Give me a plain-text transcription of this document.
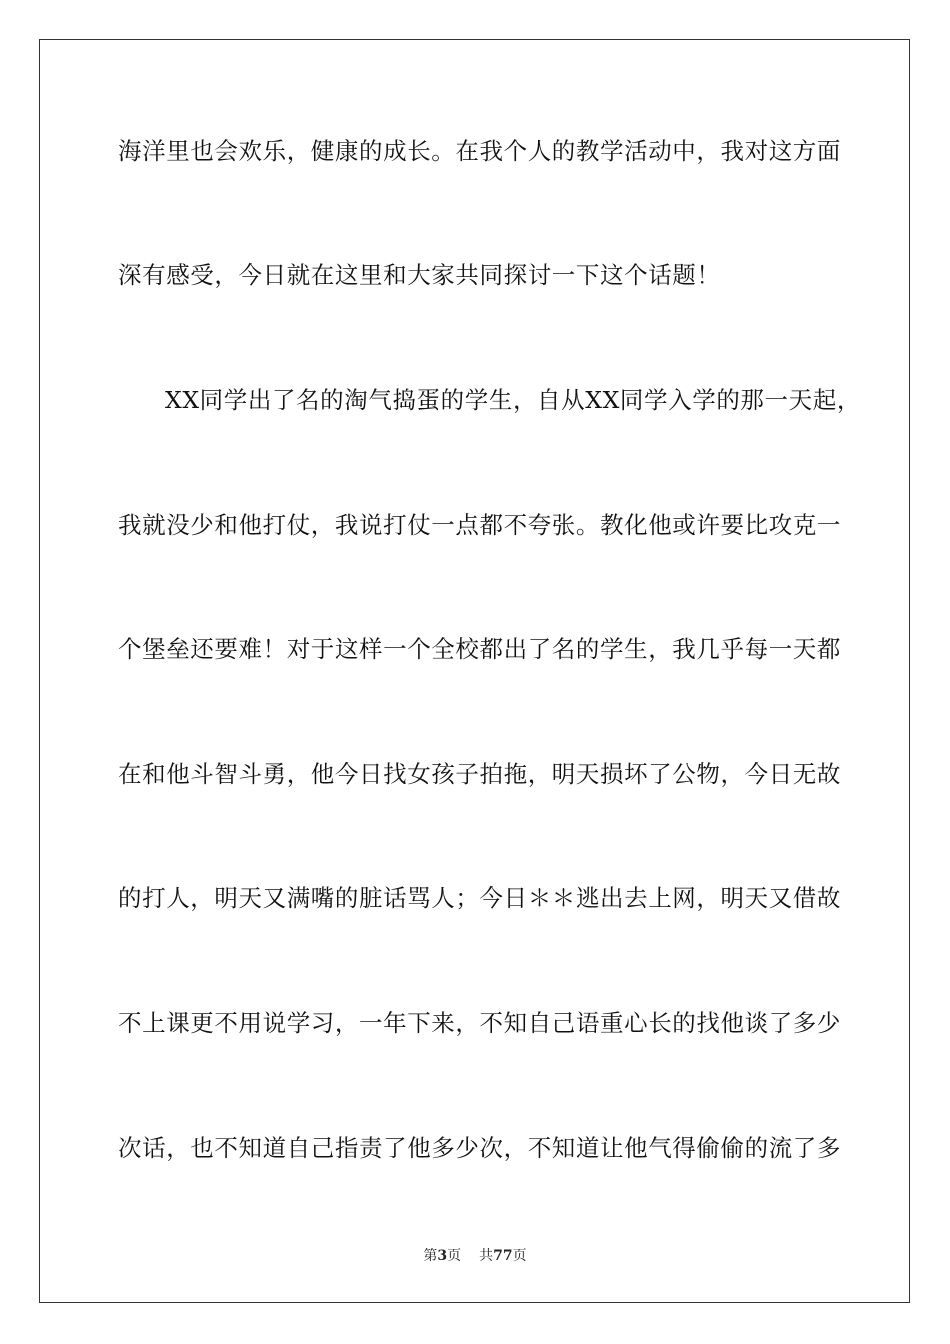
海洋里也会欢乐，健康的成长。在我个人的教学活动中，我对这方面
深有感受，今日就在这里和大家共同探讨一下这个话题！
XX同学出了名的淘气捣蛋的学生，自从XX同学入学的那一天起，
我就没少和他打仗，我说打仗一点都不夸张。教化他或许要比攻克一
个堡垒还要难！对于这样一个全校都出了名的学生，我几乎每一天都
在和他斗智斗勇，他今日找女孩子拍拖，明天损坏了公物，今日无故
的打人，明天又满嘴的脏话骂人；今日＊＊逃出去上网，明天又借故
不上课更不用说学习，一年下来，不知自己语重心长的找他谈了多少
次话，也不知道自己指责了他多少次，不知道让他气得偷偷的流了多
第3页 共77页
